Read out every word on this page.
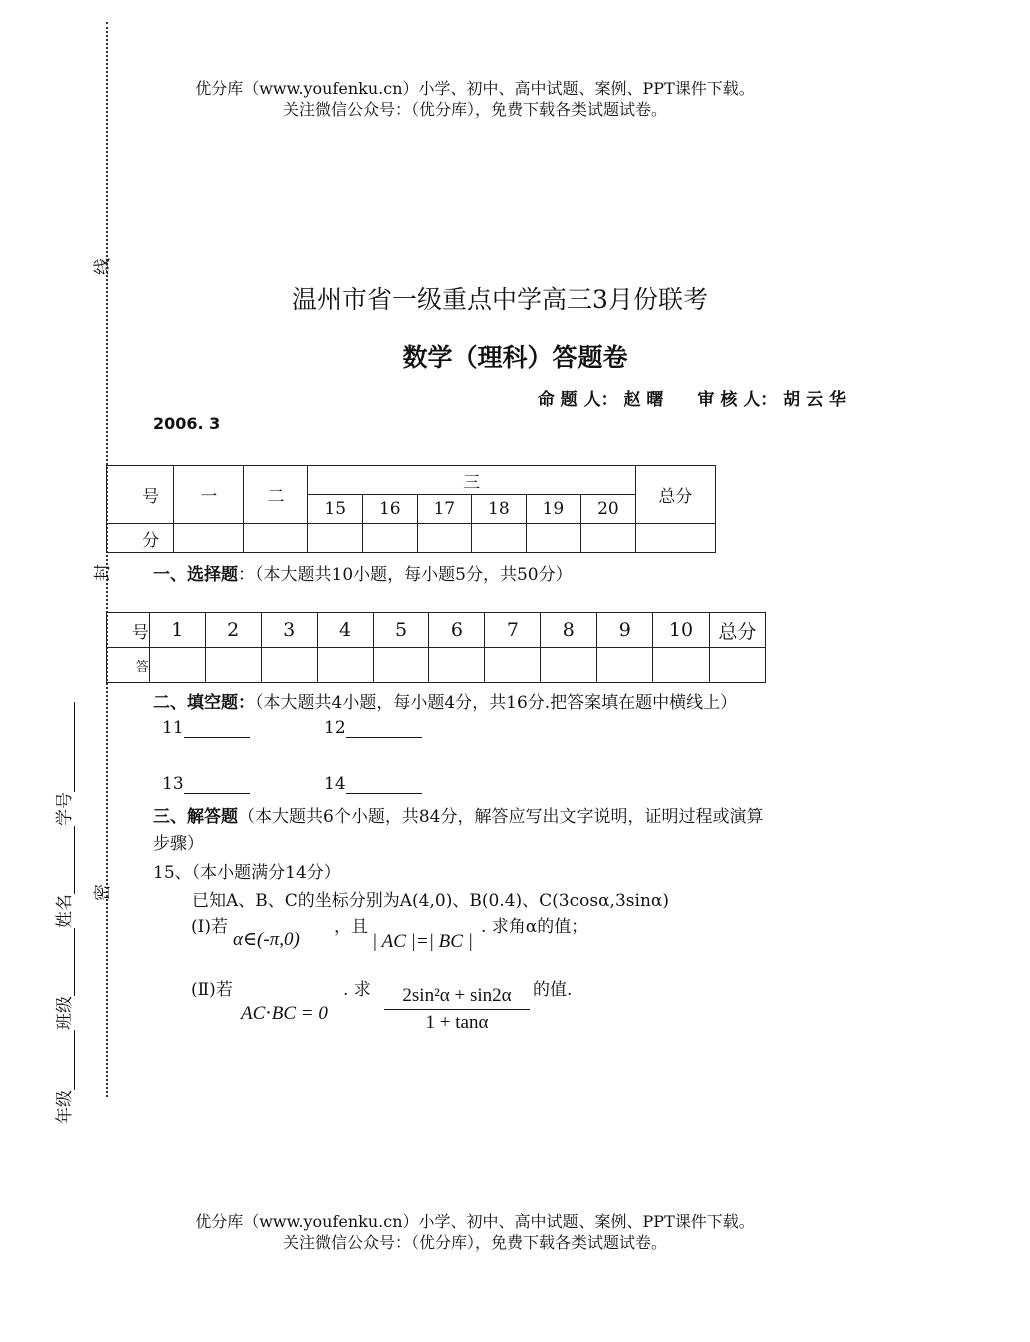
优分库（www.youfenku.cn）小学、初中、高中试题、案例、PPT课件下载。
关注微信公众号：（优分库），免费下载各类试题试卷。
线
封
密
年级班级姓名学号
温州市省一级重点中学高三3月份联考
数学（理科）答题卷
命 题 人： 赵 曙　　审 核 人： 胡 云 华
2006. 3
号	一	二	三						总分
			15	16	17	18	19	20	
分									
一、选择题：（本大题共10小题，每小题5分，共50分）
号	1	2	3	4	5	6	7	8	9	10	总分
答											
二、填空题：（本大题共4小题，每小题4分，共16分.把答案填在题中横线上）
11	12
13	14
三、解答题（本大题共6个小题，共84分，解答应写出文字说明，证明过程或演算
步骤）
15、（本小题满分14分）
已知A、B、C的坐标分别为A(4,0)、B(0.4)、C(3cosα,3sinα)
(I)若
α∈(-π,0)
，且
| AC |=| BC |
. 求角α的值；
(Ⅱ)若
AC⋅BC = 0
. 求 $\frac{\text{2sin²α + sin2α}}{1 + \tan\alpha}$ 的值.
优分库（www.youfenku.cn）小学、初中、高中试题、案例、PPT课件下载。
关注微信公众号：（优分库），免费下载各类试题试卷。
